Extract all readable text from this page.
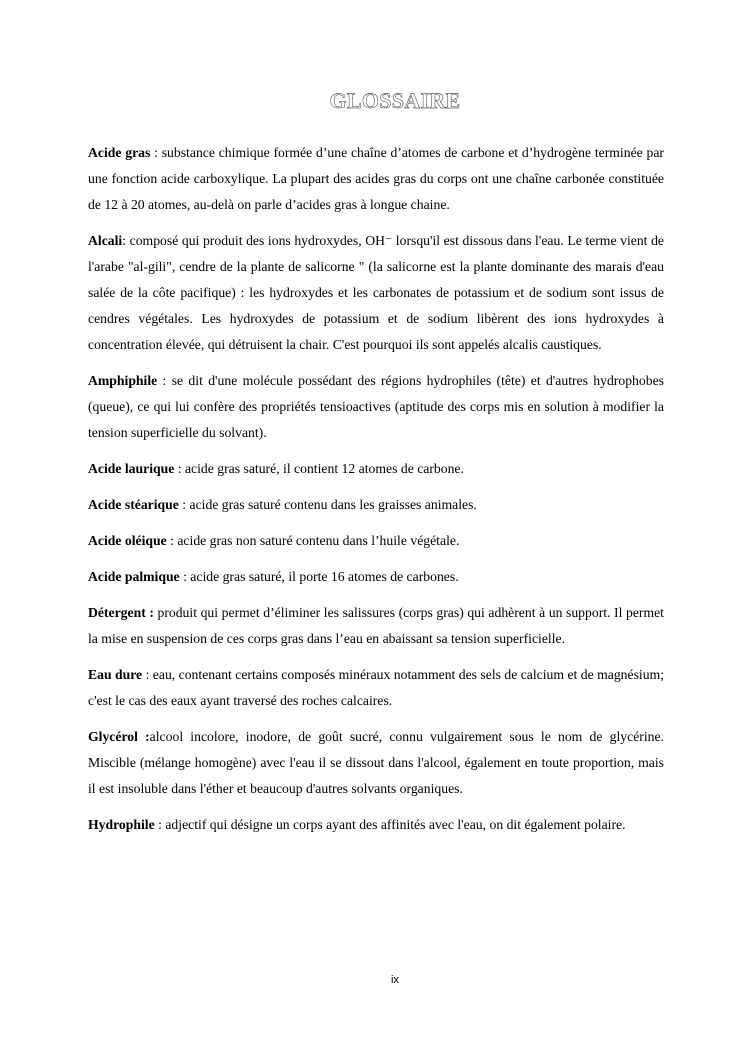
GLOSSAIRE

Acide gras : substance chimique formée d’une chaîne d’atomes de carbone et d’hydrogène terminée par une fonction acide carboxylique. La plupart des acides gras du corps ont une chaîne carbonée constituée de 12 à 20 atomes, au-delà on parle d’acides gras à longue chaine.

Alcali: composé qui produit des ions hydroxydes, OH⁻ lorsqu'il est dissous dans l'eau. Le terme vient de l'arabe "al-gili", cendre de la plante de salicorne " (la salicorne est la plante dominante des marais d'eau salée de la côte pacifique) : les hydroxydes et les carbonates de potassium et de sodium sont issus de cendres végétales. Les hydroxydes de potassium et de sodium libèrent des ions hydroxydes à concentration élevée, qui détruisent la chair. C'est pourquoi ils sont appelés alcalis caustiques.

Amphiphile : se dit d'une molécule possédant des régions hydrophiles (tête) et d'autres hydrophobes (queue), ce qui lui confère des propriétés tensioactives (aptitude des corps mis en solution à modifier la tension superficielle du solvant).

Acide laurique : acide gras saturé, il contient 12 atomes de carbone.

Acide stéarique : acide gras saturé contenu dans les graisses animales.

Acide oléique : acide gras non saturé contenu dans l’huile végétale.

Acide palmique : acide gras saturé, il porte 16 atomes de carbones.

Détergent : produit qui permet d’éliminer les salissures (corps gras) qui adhèrent à un support. Il permet la mise en suspension de ces corps gras dans l’eau en abaissant sa tension superficielle.

Eau dure : eau, contenant certains composés minéraux notamment des sels de calcium et de magnésium; c'est le cas des eaux ayant traversé des roches calcaires.

Glycérol :alcool incolore, inodore, de goût sucré, connu vulgairement sous le nom de glycérine. Miscible (mélange homogène) avec l'eau il se dissout dans l'alcool, également en toute proportion, mais il est insoluble dans l'éther et beaucoup d'autres solvants organiques.

Hydrophile : adjectif qui désigne un corps ayant des affinités avec l'eau, on dit également polaire.

ix
